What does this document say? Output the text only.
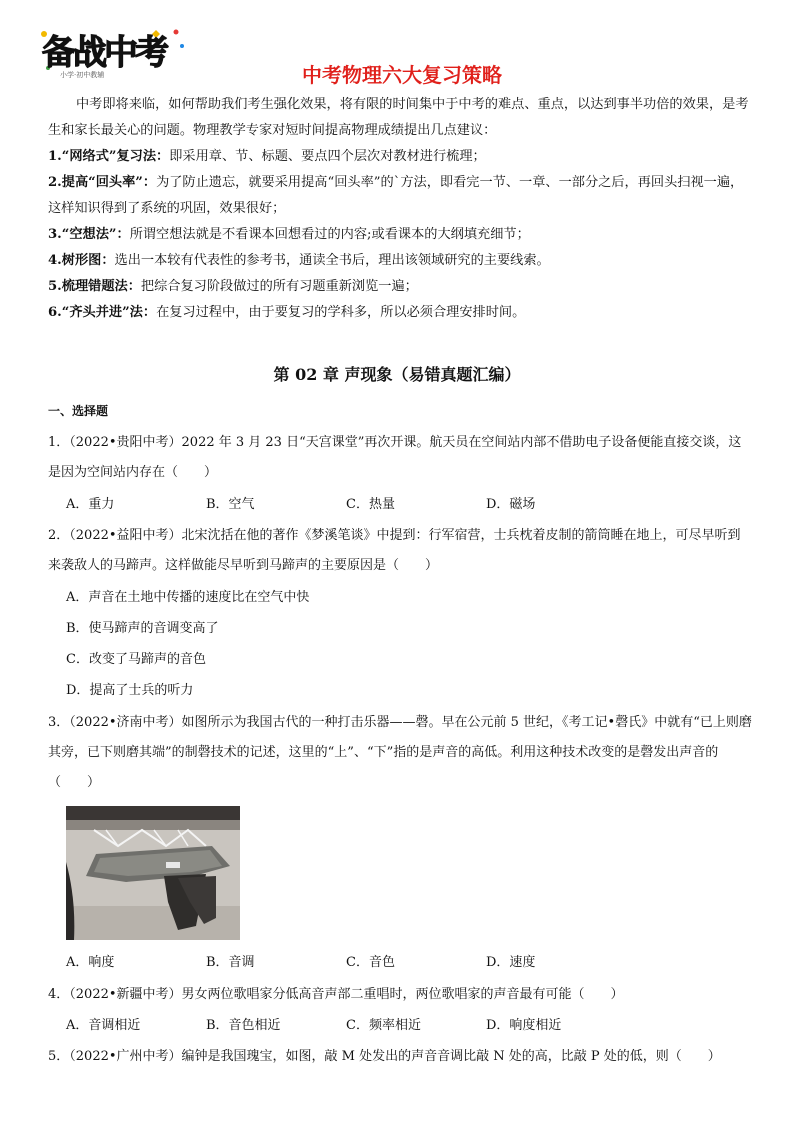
备战中考
小学·初中教辅	中考物理六大复习策略
中考即将来临，如何帮助我们考生强化效果，将有限的时间集中于中考的难点、重点，以达到事半功倍的效果，是考生和家长最关心的问题。物理教学专家对短时间提高物理成绩提出几点建议：

1.“网络式”复习法：即采用章、节、标题、要点四个层次对教材进行梳理；

2.提高“回头率”：为了防止遗忘，就要采用提高“回头率”的`方法，即看完一节、一章、一部分之后，再回头扫视一遍，这样知识得到了系统的巩固，效果很好；

3.“空想法”：所谓空想法就是不看课本回想看过的内容;或看课本的大纲填充细节；

4.树形图：选出一本较有代表性的参考书，通读全书后，理出该领域研究的主要线索。

5.梳理错题法：把综合复习阶段做过的所有习题重新浏览一遍；

6.“齐头并进”法：在复习过程中，由于要复习的学科多，所以必须合理安排时间。

第 02 章 声现象（易错真题汇编）
一、选择题

1．（2022•贵阳中考）2022 年 3 月 23 日“天宫课堂”再次开课。航天员在空间站内部不借助电子设备便能直接交谈，这是因为空间站内存在（　　）

A．重力	B．空气	C．热量	D．磁场

2．（2022•益阳中考）北宋沈括在他的著作《梦溪笔谈》中提到：行军宿营，士兵枕着皮制的箭筒睡在地上，可尽早听到来袭敌人的马蹄声。这样做能尽早听到马蹄声的主要原因是（　　）

A．声音在土地中传播的速度比在空气中快
B．使马蹄声的音调变高了
C．改变了马蹄声的音色
D．提高了士兵的听力

3．（2022•济南中考）如图所示为我国古代的一种打击乐器——磬。早在公元前 5 世纪，《考工记•磬氏》中就有“已上则磨其旁，已下则磨其端”的制磬技术的记述，这里的“上”、“下”指的是声音的高低。利用这种技术改变的是磬发出声音的（　　）

A．响度	B．音调	C．音色	D．速度

4．（2022•新疆中考）男女两位歌唱家分低高音声部二重唱时，两位歌唱家的声音最有可能（　　）

A．音调相近	B．音色相近	C．频率相近	D．响度相近

5．（2022•广州中考）编钟是我国瑰宝，如图，敲 M 处发出的声音音调比敲 N 处的高，比敲 P 处的低，则（　　）
